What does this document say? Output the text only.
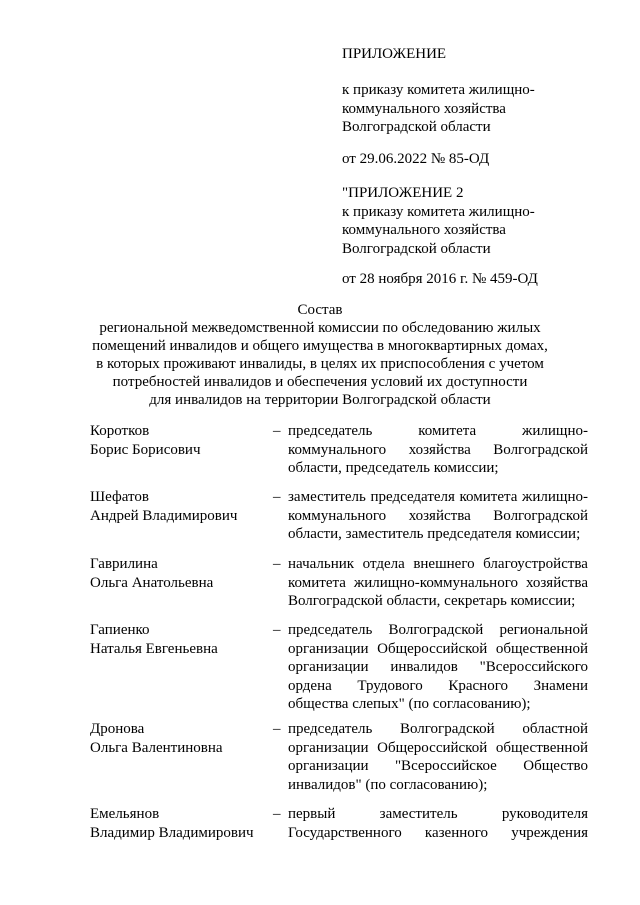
ПРИЛОЖЕНИЕ
к приказу комитета жилищно-
коммунального хозяйства
Волгоградской области
от 29.06.2022 № 85-ОД
"ПРИЛОЖЕНИЕ 2
к приказу комитета жилищно-
коммунального хозяйства
Волгоградской области
от 28 ноября 2016 г. № 459-ОД
Состав
региональной межведомственной комиссии по обследованию жилых
помещений инвалидов и общего имущества в многоквартирных домах,
в которых проживают инвалиды, в целях их приспособления с учетом
потребностей инвалидов и обеспечения условий их доступности
для инвалидов на территории Волгоградской области
Коротков
Борис Борисович
– председатель	комитета	жилищно-
коммунального хозяйства Волгоградской
области, председатель комиссии;
Шефатов
Андрей Владимирович
– заместитель председателя комитета жилищно-
коммунального хозяйства Волгоградской
области, заместитель председателя комиссии;
Гаврилина
Ольга Анатольевна
– начальник отдела внешнего благоустройства
комитета жилищно-коммунального хозяйства
Волгоградской области, секретарь комиссии;
Гапиенко
Наталья Евгеньевна
– председатель Волгоградской региональной
организации Общероссийской общественной
организации инвалидов "Всероссийского
ордена Трудового Красного Знамени
общества слепых" (по согласованию);
Дронова
Ольга Валентиновна
– председатель Волгоградской областной
организации Общероссийской общественной
организации "Всероссийское Общество
инвалидов" (по согласованию);
Емельянов
Владимир Владимирович
– первый	заместитель	руководителя
Государственного казенного учреждения
